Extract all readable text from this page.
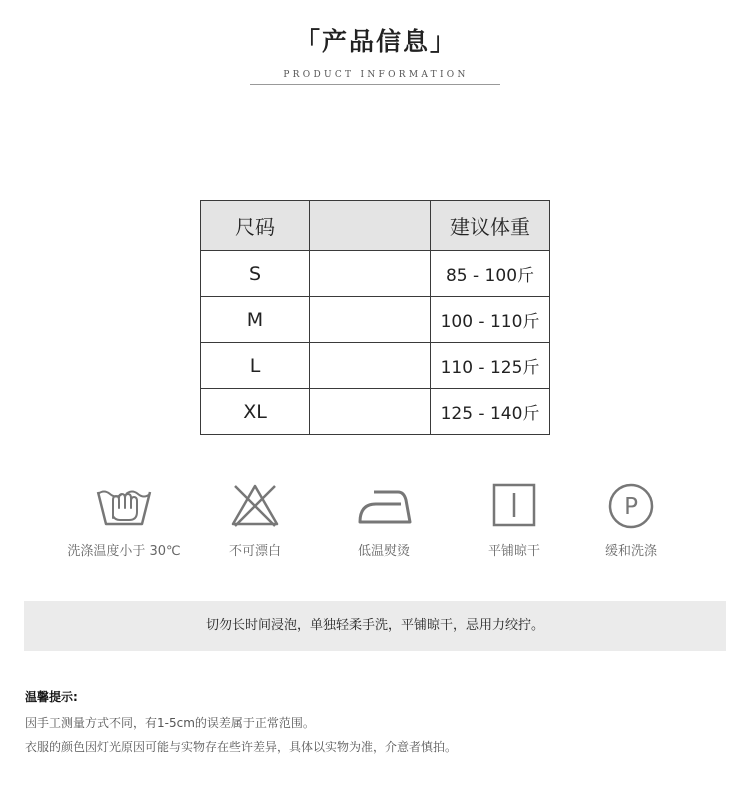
「产品信息」
PRODUCT INFORMATION
尺码		建议体重
S		85 - 100斤
M		100 - 110斤
L		110 - 125斤
XL		125 - 140斤
洗涤温度小于 30℃	不可漂白	低温熨烫	平铺晾干
P
缓和洗涤
切勿长时间浸泡，单独轻柔手洗，平铺晾干，忌用力绞拧。
温馨提示:
因手工测量方式不同，有1-5cm的误差属于正常范围。
衣服的颜色因灯光原因可能与实物存在些许差异，具体以实物为准，介意者慎拍。
